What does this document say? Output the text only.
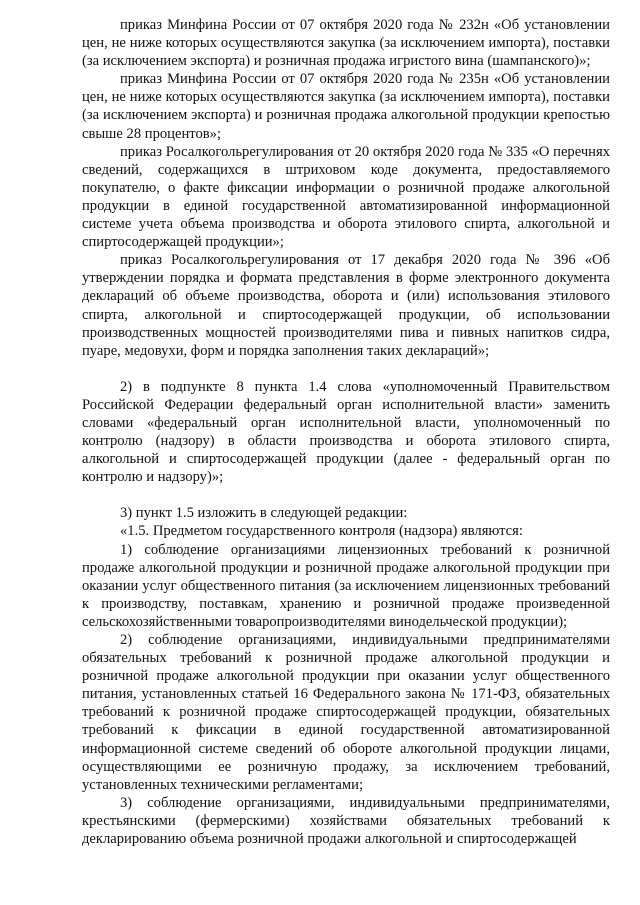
приказ Минфина России от 07 октября 2020 года № 232н «Об установлении цен, не ниже которых осуществляются закупка (за исключением импорта), поставки (за исключением экспорта) и розничная продажа игристого вина (шампанского)»;

приказ Минфина России от 07 октября 2020 года № 235н «Об установлении цен, не ниже которых осуществляются закупка (за исключением импорта), поставки (за исключением экспорта) и розничная продажа алкогольной продукции крепостью свыше 28 процентов»;

приказ Росалкогольрегулирования от 20 октября 2020 года № 335 «О перечнях сведений, содержащихся в штриховом коде документа, предоставляемого покупателю, о факте фиксации информации о розничной продаже алкогольной продукции в единой государственной автоматизированной информационной системе учета объема производства и оборота этилового спирта, алкогольной и спиртосодержащей продукции»;

приказ Росалкогольрегулирования от 17 декабря 2020 года № 396 «Об утверждении порядка и формата представления в форме электронного документа деклараций об объеме производства, оборота и (или) использования этилового спирта, алкогольной и спиртосодержащей продукции, об использовании производственных мощностей производителями пива и пивных напитков сидра, пуаре, медовухи, форм и порядка заполнения таких деклараций»;

2) в подпункте 8 пункта 1.4 слова «уполномоченный Правительством Российской Федерации федеральный орган исполнительной власти» заменить словами «федеральный орган исполнительной власти, уполномоченный по контролю (надзору) в области производства и оборота этилового спирта, алкогольной и спиртосодержащей продукции (далее - федеральный орган по контролю и надзору)»;

3) пункт 1.5 изложить в следующей редакции:

«1.5. Предметом государственного контроля (надзора) являются:

1) соблюдение организациями лицензионных требований к розничной продаже алкогольной продукции и розничной продаже алкогольной продукции при оказании услуг общественного питания (за исключением лицензионных требований к производству, поставкам, хранению и розничной продаже произведенной сельскохозяйственными товаропроизводителями винодельческой продукции);

2) соблюдение организациями, индивидуальными предпринимателями обязательных требований к розничной продаже алкогольной продукции и розничной продаже алкогольной продукции при оказании услуг общественного питания, установленных статьей 16 Федерального закона № 171-ФЗ, обязательных требований к розничной продаже спиртосодержащей продукции, обязательных требований к фиксации в единой государственной автоматизированной информационной системе сведений об обороте алкогольной продукции лицами, осуществляющими ее розничную продажу, за исключением требований, установленных техническими регламентами;

3) соблюдение организациями, индивидуальными предпринимателями, крестьянскими (фермерскими) хозяйствами обязательных требований к декларированию объема розничной продажи алкогольной и спиртосодержащей
